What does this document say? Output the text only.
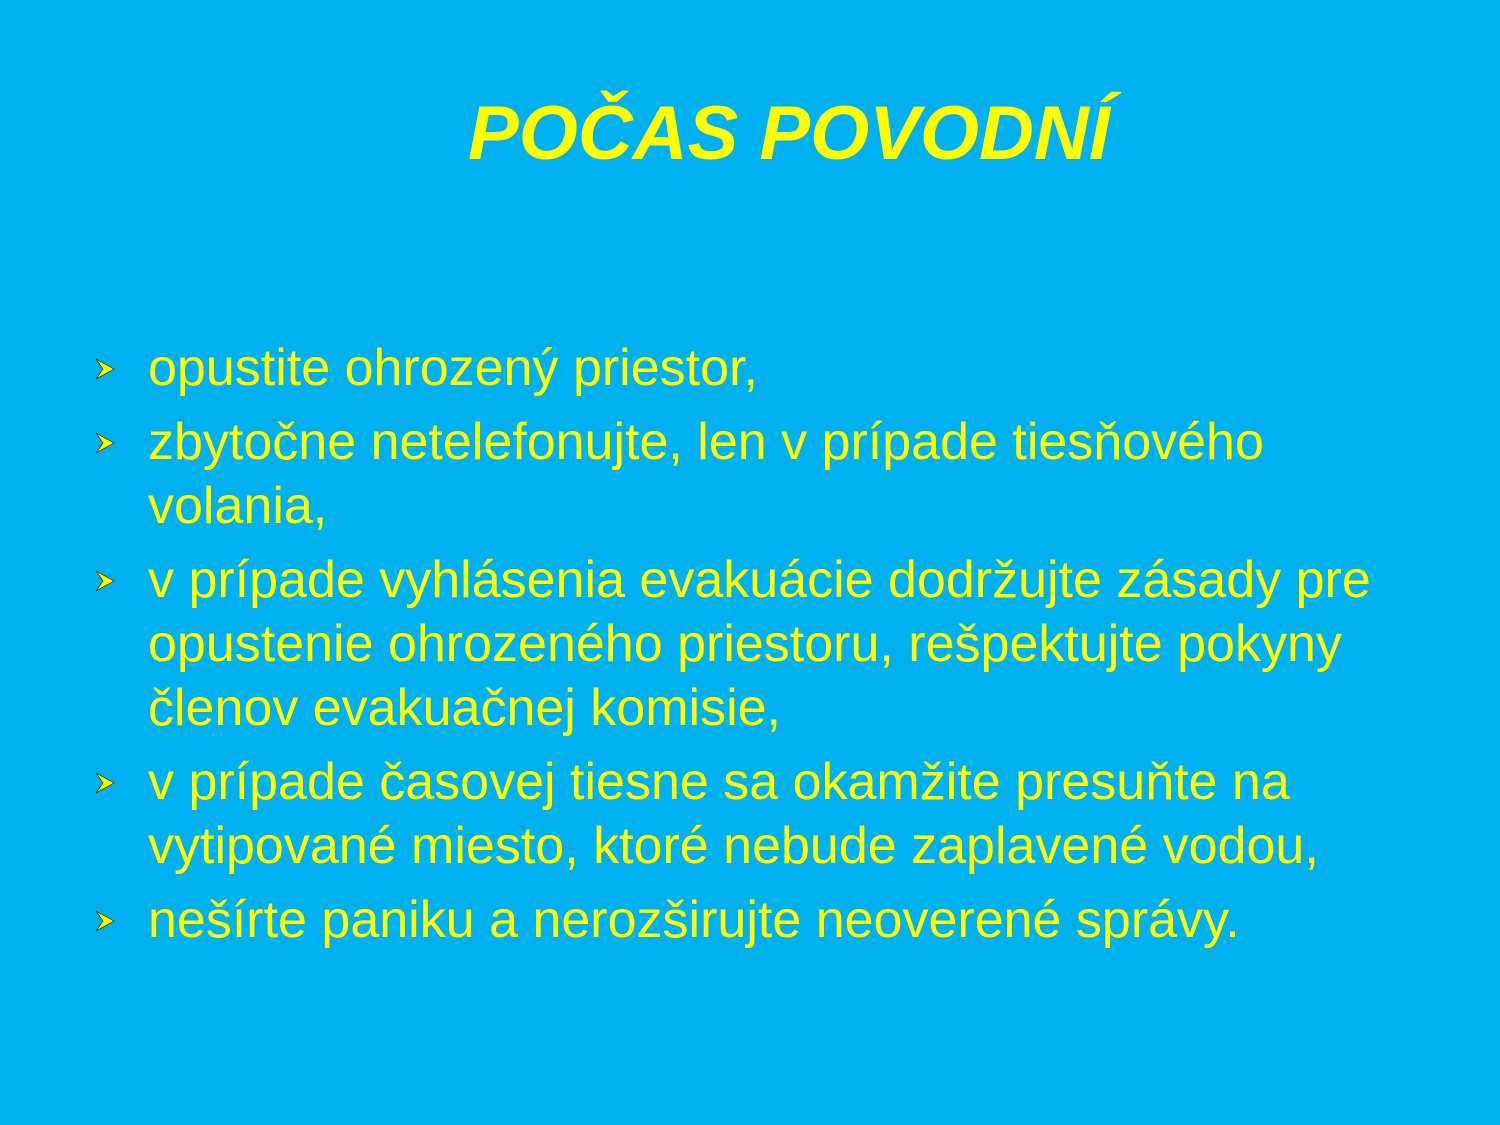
POČAS POVODNÍ
opustite ohrozený priestor,
zbytočne netelefonujte, len v prípade tiesňového volania,
v prípade vyhlásenia evakuácie dodržujte zásady pre opustenie ohrozeného priestoru, rešpektujte pokyny členov evakuačnej komisie,
v prípade časovej tiesne sa okamžite presuňte na vytipované miesto, ktoré nebude zaplavené vodou,
nešírte paniku a nerozširujte neoverené správy.
